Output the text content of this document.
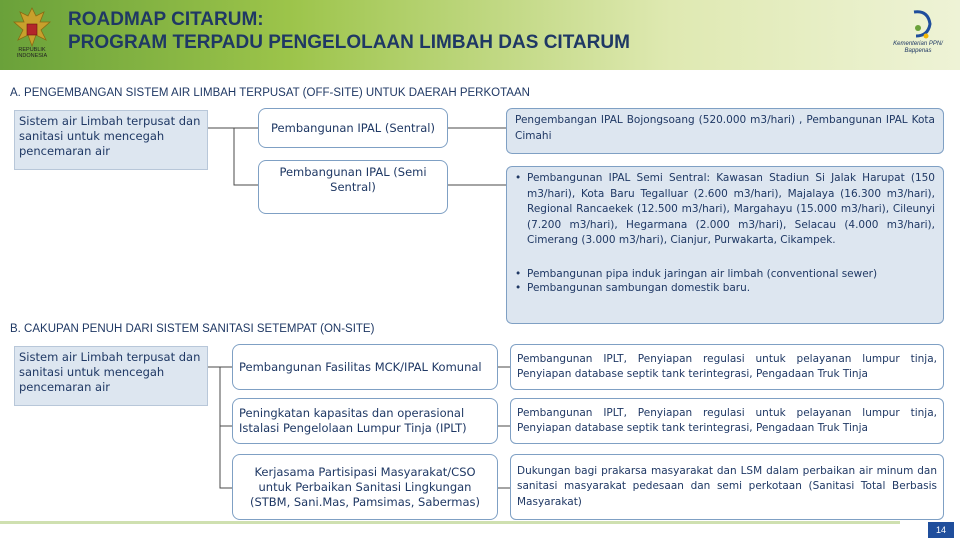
REPUBLIK
INDONESIA
ROADMAP CITARUM:
PROGRAM TERPADU PENGELOLAAN LIMBAH DAS CITARUM	Kementerian PPN/
Bappenas
A. PENGEMBANGAN SISTEM AIR LIMBAH TERPUSAT (OFF-SITE) UNTUK DAERAH PERKOTAAN
Sistem air Limbah terpusat dan sanitasi untuk mencegah pencemaran air
Pembangunan IPAL (Sentral)
Pembangunan IPAL (Semi Sentral)
Pengembangan IPAL Bojongsoang (520.000 m3/hari) , Pembangunan IPAL Kota Cimahi
• Pembangunan IPAL Semi Sentral: Kawasan Stadiun Si Jalak Harupat (150 m3/hari), Kota Baru Tegalluar (2.600 m3/hari), Majalaya (16.300 m3/hari), Regional Rancaekek (12.500 m3/hari), Margahayu (15.000 m3/hari), Cileunyi (7.200 m3/hari), Hegarmana (2.000 m3/hari), Selacau (4.000 m3/hari), Cimerang (3.000 m3/hari), Cianjur, Purwakarta, Cikampek.
• Pembangunan pipa induk jaringan air limbah (conventional sewer)
• Pembangunan sambungan domestik baru.
B. CAKUPAN PENUH DARI SISTEM SANITASI SETEMPAT (ON-SITE)
Sistem air Limbah terpusat dan sanitasi untuk mencegah pencemaran air
Pembangunan Fasilitas MCK/IPAL Komunal
Peningkatan kapasitas dan operasional Istalasi Pengelolaan Lumpur Tinja (IPLT)
Kerjasama Partisipasi Masyarakat/CSO untuk Perbaikan Sanitasi Lingkungan (STBM, Sani.Mas, Pamsimas, Sabermas)
Pembangunan IPLT, Penyiapan regulasi untuk pelayanan lumpur tinja, Penyiapan database septik tank terintegrasi, Pengadaan Truk Tinja
Pembangunan IPLT, Penyiapan regulasi untuk pelayanan lumpur tinja, Penyiapan database septik tank terintegrasi, Pengadaan Truk Tinja
Dukungan bagi prakarsa masyarakat dan LSM dalam perbaikan air minum dan sanitasi masyarakat pedesaan dan semi perkotaan (Sanitasi Total Berbasis Masyarakat)
14
